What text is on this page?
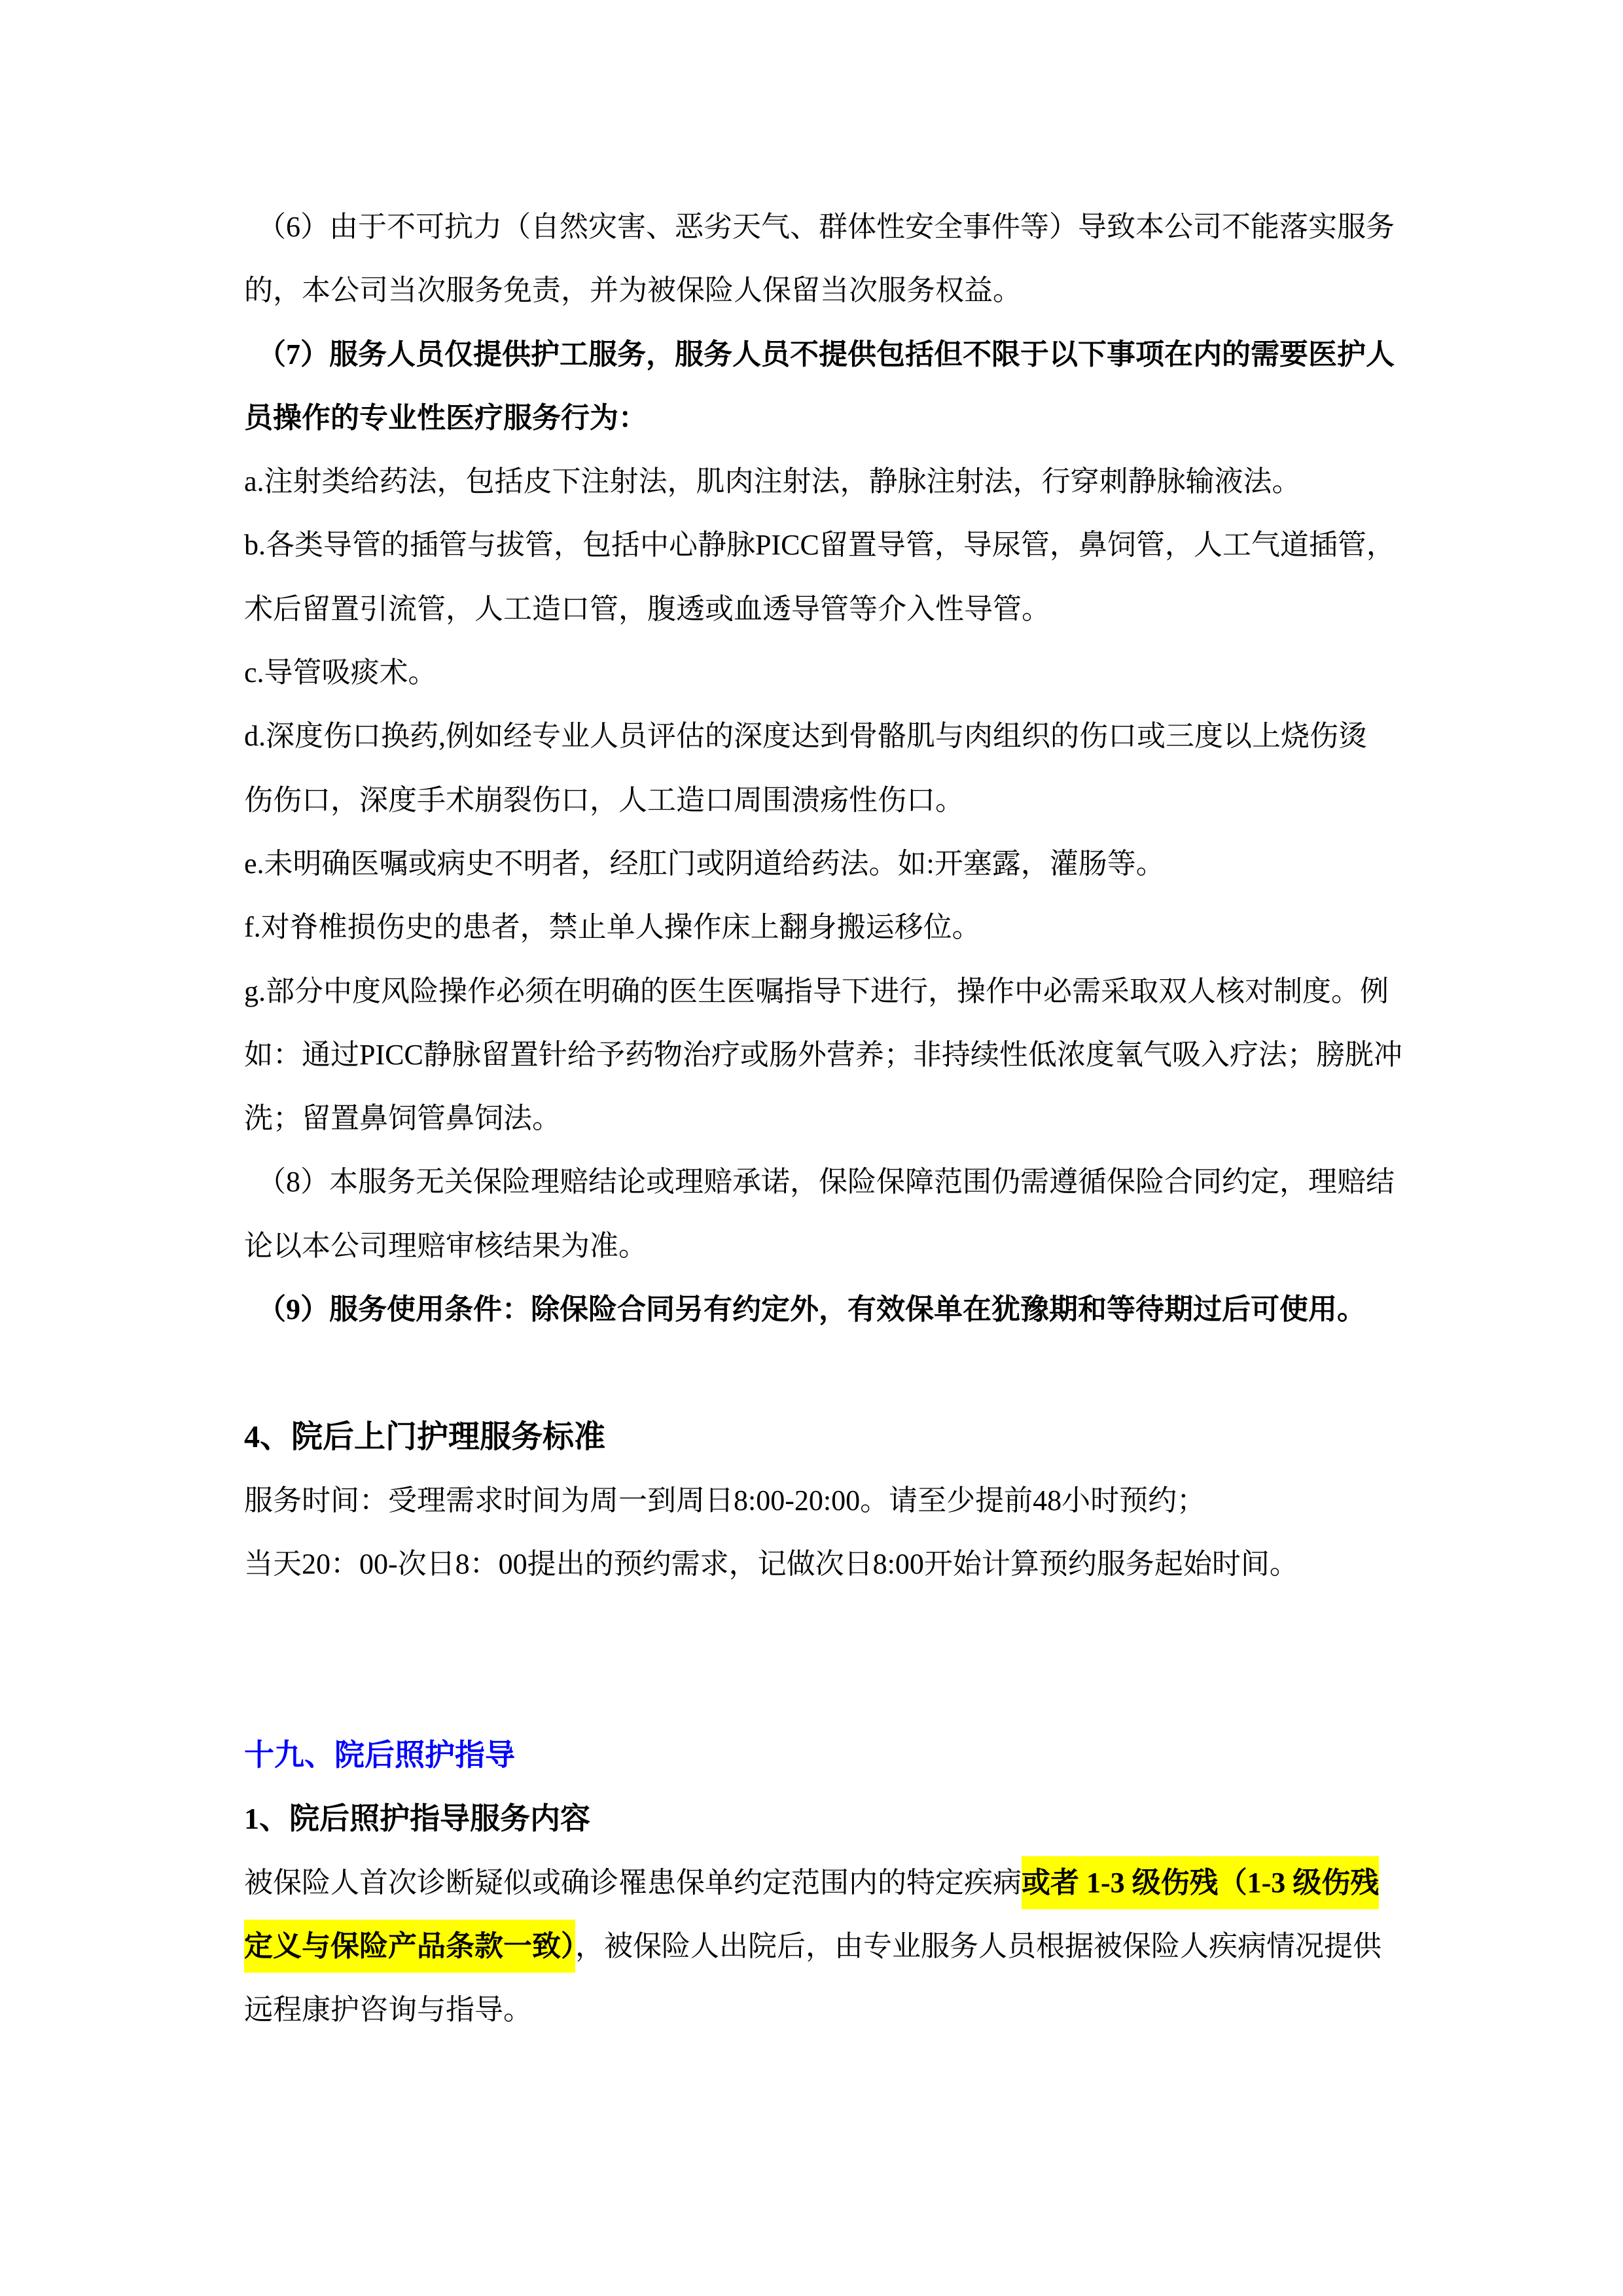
（6）由于不可抗力（自然灾害、恶劣天气、群体性安全事件等）导致本公司不能落实服务
的，本公司当次服务免责，并为被保险人保留当次服务权益。
（7）服务人员仅提供护工服务，服务人员不提供包括但不限于以下事项在内的需要医护人
员操作的专业性医疗服务行为：
a.注射类给药法，包括皮下注射法，肌肉注射法，静脉注射法，行穿刺静脉输液法。
b.各类导管的插管与拔管，包括中心静脉PICC留置导管，导尿管，鼻饲管，人工气道插管，
术后留置引流管，人工造口管，腹透或血透导管等介入性导管。
c.导管吸痰术。
d.深度伤口换药,例如经专业人员评估的深度达到骨骼肌与肉组织的伤口或三度以上烧伤烫
伤伤口，深度手术崩裂伤口，人工造口周围溃疡性伤口。
e.未明确医嘱或病史不明者，经肛门或阴道给药法。如:开塞露，灌肠等。
f.对脊椎损伤史的患者，禁止单人操作床上翻身搬运移位。
g.部分中度风险操作必须在明确的医生医嘱指导下进行，操作中必需采取双人核对制度。例
如：通过PICC静脉留置针给予药物治疗或肠外营养；非持续性低浓度氧气吸入疗法；膀胱冲
洗；留置鼻饲管鼻饲法。
（8）本服务无关保险理赔结论或理赔承诺，保险保障范围仍需遵循保险合同约定，理赔结
论以本公司理赔审核结果为准。
（9）服务使用条件：除保险合同另有约定外，有效保单在犹豫期和等待期过后可使用。
4、院后上门护理服务标准
服务时间：受理需求时间为周一到周日8:00-20:00。请至少提前48小时预约；
当天20：00-次日8：00提出的预约需求，记做次日8:00开始计算预约服务起始时间。
十九、院后照护指导
1、院后照护指导服务内容
被保险人首次诊断疑似或确诊罹患保单约定范围内的特定疾病或者 1-3 级伤残（1-3 级伤残
定义与保险产品条款一致），被保险人出院后，由专业服务人员根据被保险人疾病情况提供
远程康护咨询与指导。
